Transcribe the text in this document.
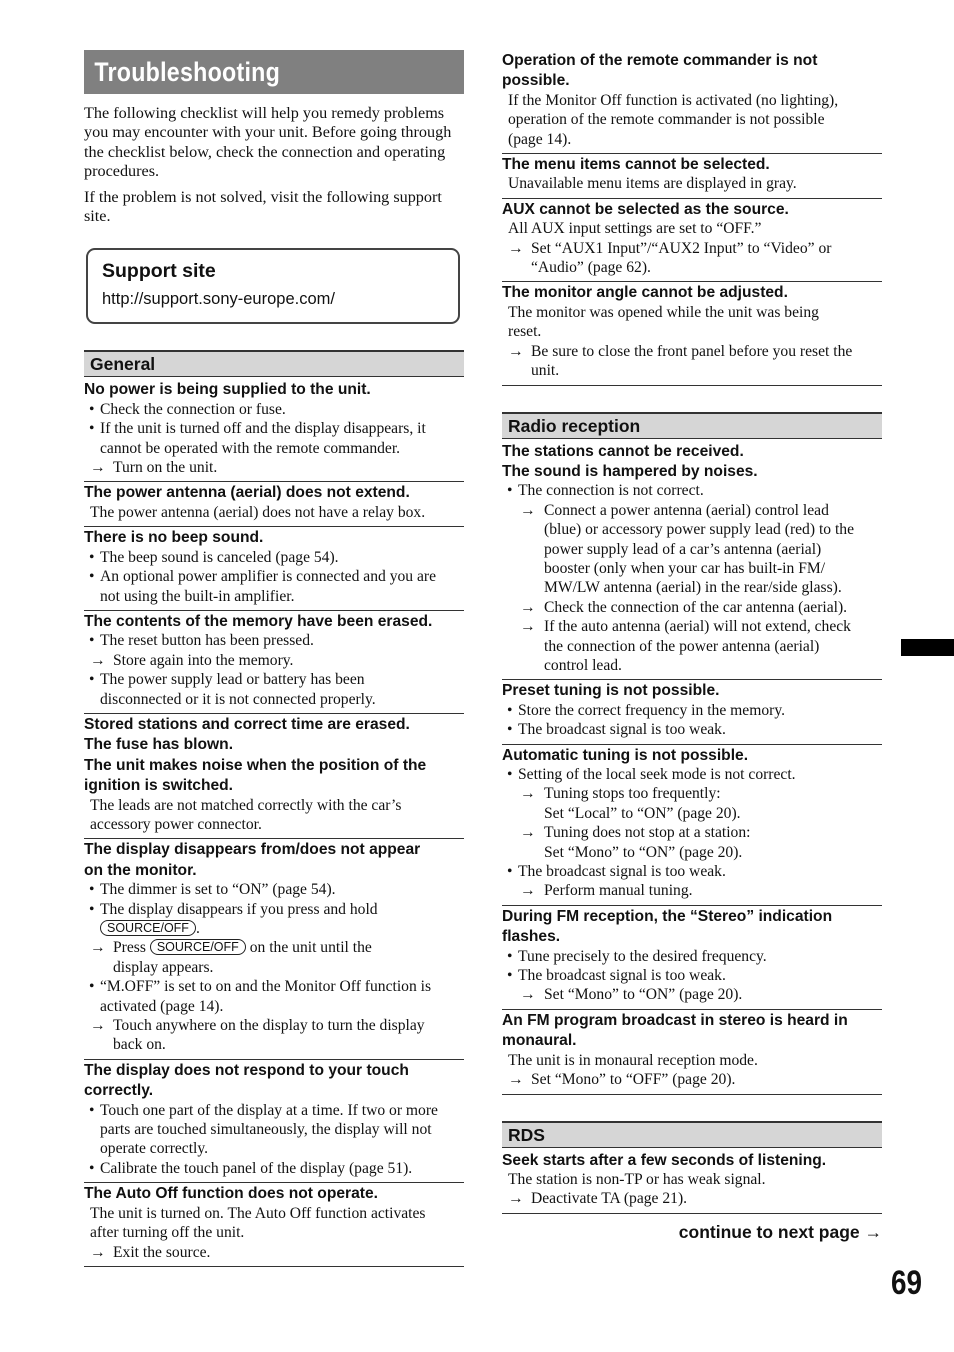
Troubleshooting

The following checklist will help you remedy problems you may encounter with your unit. Before going through the checklist below, check the connection and operating procedures.

If the problem is not solved, visit the following support site.

Support site
http://support.sony-europe.com/
General
No power is being supplied to the unit.
• Check the connection or fuse.
• If the unit is turned off and the display disappears, it
cannot be operated with the remote commander.
→ Turn on the unit.
The power antenna (aerial) does not extend.
The power antenna (aerial) does not have a relay box.
There is no beep sound.
• The beep sound is canceled (page 54).
• An optional power amplifier is connected and you are
not using the built-in amplifier.
The contents of the memory have been erased.
• The reset button has been pressed.
→ Store again into the memory.
• The power supply lead or battery has been
disconnected or it is not connected properly.
Stored stations and correct time are erased.
The fuse has blown.
The unit makes noise when the position of the
ignition is switched.
The leads are not matched correctly with the car’s
accessory power connector.
The display disappears from/does not appear
on the monitor.
• The dimmer is set to “ON” (page 54).
• The display disappears if you press and hold
SOURCE/OFF .
→ Press SOURCE/OFF on the unit until the
display appears.
• “M.OFF” is set to on and the Monitor Off function is
activated (page 14).
→ Touch anywhere on the display to turn the display
back on.
The display does not respond to your touch
correctly.
• Touch one part of the display at a time. If two or more
parts are touched simultaneously, the display will not
operate correctly.
• Calibrate the touch panel of the display (page 51).
The Auto Off function does not operate.
The unit is turned on. The Auto Off function activates
after turning off the unit.
→ Exit the source.
Operation of the remote commander is not
possible.
If the Monitor Off function is activated (no lighting),
operation of the remote commander is not possible
(page 14).
The menu items cannot be selected.
Unavailable menu items are displayed in gray.
AUX cannot be selected as the source.
All AUX input settings are set to “OFF.”
→ Set “AUX1 Input”/“AUX2 Input” to “Video” or
“Audio” (page 62).
The monitor angle cannot be adjusted.
The monitor was opened while the unit was being
reset.
→ Be sure to close the front panel before you reset the
unit.
Radio reception
The stations cannot be received.
The sound is hampered by noises.
• The connection is not correct.
→ Connect a power antenna (aerial) control lead
(blue) or accessory power supply lead (red) to the
power supply lead of a car’s antenna (aerial)
booster (only when your car has built-in FM/
MW/LW antenna (aerial) in the rear/side glass).
→ Check the connection of the car antenna (aerial).
→ If the auto antenna (aerial) will not extend, check
the connection of the power antenna (aerial)
control lead.
Preset tuning is not possible.
• Store the correct frequency in the memory.
• The broadcast signal is too weak.
Automatic tuning is not possible.
• Setting of the local seek mode is not correct.
→ Tuning stops too frequently:
Set “Local” to “ON” (page 20).
→ Tuning does not stop at a station:
Set “Mono” to “ON” (page 20).
• The broadcast signal is too weak.
→ Perform manual tuning.
During FM reception, the “Stereo” indication
flashes.
• Tune precisely to the desired frequency.
• The broadcast signal is too weak.
→ Set “Mono” to “ON” (page 20).
An FM program broadcast in stereo is heard in
monaural.
The unit is in monaural reception mode.
→ Set “Mono” to “OFF” (page 20).
RDS
Seek starts after a few seconds of listening.
The station is non-TP or has weak signal.
→ Deactivate TA (page 21).
continue to next page →
69
